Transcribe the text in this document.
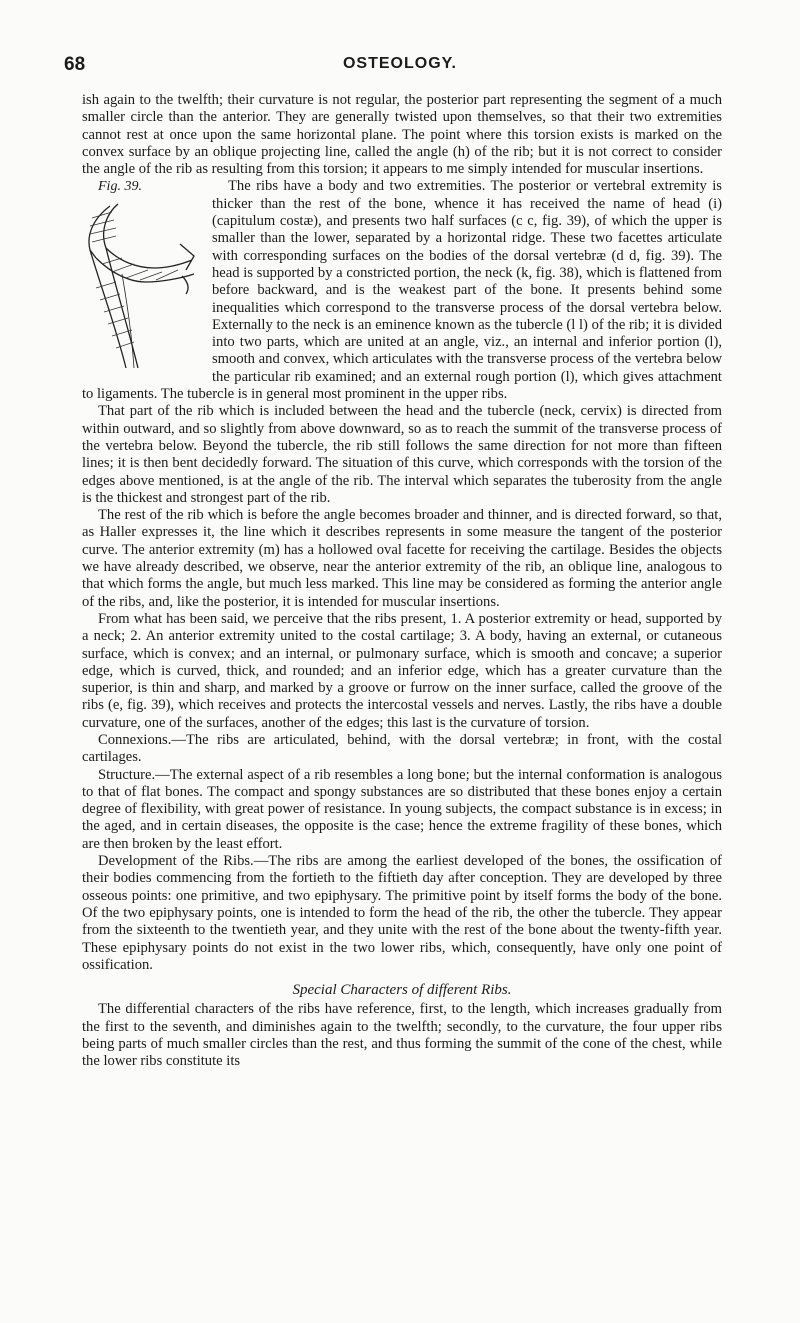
68	OSTEOLOGY.

ish again to the twelfth; their curvature is not regular, the posterior part representing the segment of a much smaller circle than the anterior. They are generally twisted upon themselves, so that their two extremities cannot rest at once upon the same horizontal plane. The point where this torsion exists is marked on the convex surface by an oblique projecting line, called the angle (h) of the rib; but it is not correct to consider the angle of the rib as resulting from this torsion; it appears to me simply intended for muscular insertions.

Fig. 39.	The ribs have a body and two extremities. The posterior or vertebral extremity is thicker than the rest of the bone, whence it has received the name of head (i) (capitulum costæ), and presents two half surfaces (c c, fig. 39), of which the upper is smaller than the lower, separated by a horizontal ridge. These two facettes articulate with corresponding surfaces on the bodies of the dorsal vertebræ (d d, fig. 39). The head is supported by a constricted portion, the neck (k, fig. 38), which is flattened from before backward, and is the weakest part of the bone. It presents behind some inequalities which correspond to the transverse process of the dorsal vertebra below. Externally to the neck is an eminence known as the tubercle (l l) of the rib; it is divided into two parts, which are united at an angle, viz., an internal and inferior portion (l), smooth and convex, which articulates with the transverse process of the vertebra below the particular rib examined; and an external rough portion (l), which gives attachment to ligaments. The tubercle is in general most prominent in the upper ribs.

That part of the rib which is included between the head and the tubercle (neck, cervix) is directed from within outward, and so slightly from above downward, so as to reach the summit of the transverse process of the vertebra below. Beyond the tubercle, the rib still follows the same direction for not more than fifteen lines; it is then bent decidedly forward. The situation of this curve, which corresponds with the torsion of the edges above mentioned, is at the angle of the rib. The interval which separates the tuberosity from the angle is the thickest and strongest part of the rib.

The rest of the rib which is before the angle becomes broader and thinner, and is directed forward, so that, as Haller expresses it, the line which it describes represents in some measure the tangent of the posterior curve. The anterior extremity (m) has a hollowed oval facette for receiving the cartilage. Besides the objects we have already described, we observe, near the anterior extremity of the rib, an oblique line, analogous to that which forms the angle, but much less marked. This line may be considered as forming the anterior angle of the ribs, and, like the posterior, it is intended for muscular insertions.

From what has been said, we perceive that the ribs present, 1. A posterior extremity or head, supported by a neck; 2. An anterior extremity united to the costal cartilage; 3. A body, having an external, or cutaneous surface, which is convex; and an internal, or pulmonary surface, which is smooth and concave; a superior edge, which is curved, thick, and rounded; and an inferior edge, which has a greater curvature than the superior, is thin and sharp, and marked by a groove or furrow on the inner surface, called the groove of the ribs (e, fig. 39), which receives and protects the intercostal vessels and nerves. Lastly, the ribs have a double curvature, one of the surfaces, another of the edges; this last is the curvature of torsion.

Connexions.—The ribs are articulated, behind, with the dorsal vertebræ; in front, with the costal cartilages.

Structure.—The external aspect of a rib resembles a long bone; but the internal conformation is analogous to that of flat bones. The compact and spongy substances are so distributed that these bones enjoy a certain degree of flexibility, with great power of resistance. In young subjects, the compact substance is in excess; in the aged, and in certain diseases, the opposite is the case; hence the extreme fragility of these bones, which are then broken by the least effort.

Development of the Ribs.—The ribs are among the earliest developed of the bones, the ossification of their bodies commencing from the fortieth to the fiftieth day after conception. They are developed by three osseous points: one primitive, and two epiphysary. The primitive point by itself forms the body of the bone. Of the two epiphysary points, one is intended to form the head of the rib, the other the tubercle. They appear from the sixteenth to the twentieth year, and they unite with the rest of the bone about the twenty-fifth year. These epiphysary points do not exist in the two lower ribs, which, consequently, have only one point of ossification.

Special Characters of different Ribs.

The differential characters of the ribs have reference, first, to the length, which increases gradually from the first to the seventh, and diminishes again to the twelfth; secondly, to the curvature, the four upper ribs being parts of much smaller circles than the rest, and thus forming the summit of the cone of the chest, while the lower ribs constitute its
